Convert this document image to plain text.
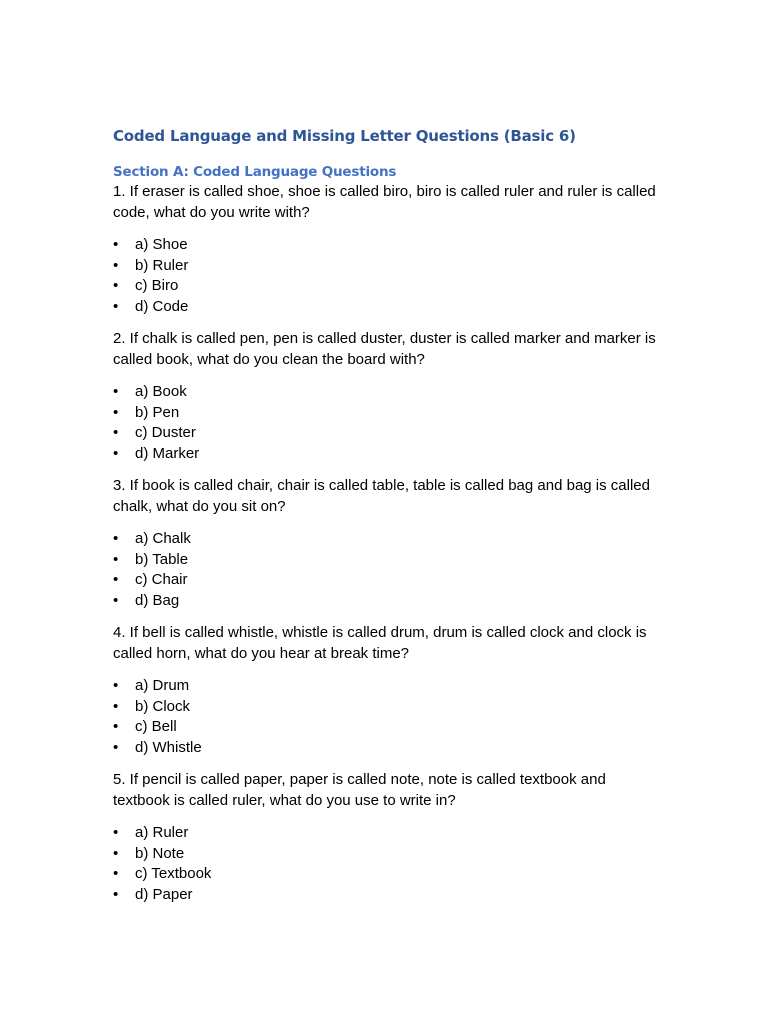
Coded Language and Missing Letter Questions (Basic 6)
Section A: Coded Language Questions

1. If eraser is called shoe, shoe is called biro, biro is called ruler and ruler is called code, what do you write with?

•	a) Shoe
•	b) Ruler
•	c) Biro
•	d) Code

2. If chalk is called pen, pen is called duster, duster is called marker and marker is called book, what do you clean the board with?

•	a) Book
•	b) Pen
•	c) Duster
•	d) Marker

3. If book is called chair, chair is called table, table is called bag and bag is called chalk, what do you sit on?

•	a) Chalk
•	b) Table
•	c) Chair
•	d) Bag

4. If bell is called whistle, whistle is called drum, drum is called clock and clock is called horn, what do you hear at break time?

•	a) Drum
•	b) Clock
•	c) Bell
•	d) Whistle

5. If pencil is called paper, paper is called note, note is called textbook and textbook is called ruler, what do you use to write in?

•	a) Ruler
•	b) Note
•	c) Textbook
•	d) Paper
